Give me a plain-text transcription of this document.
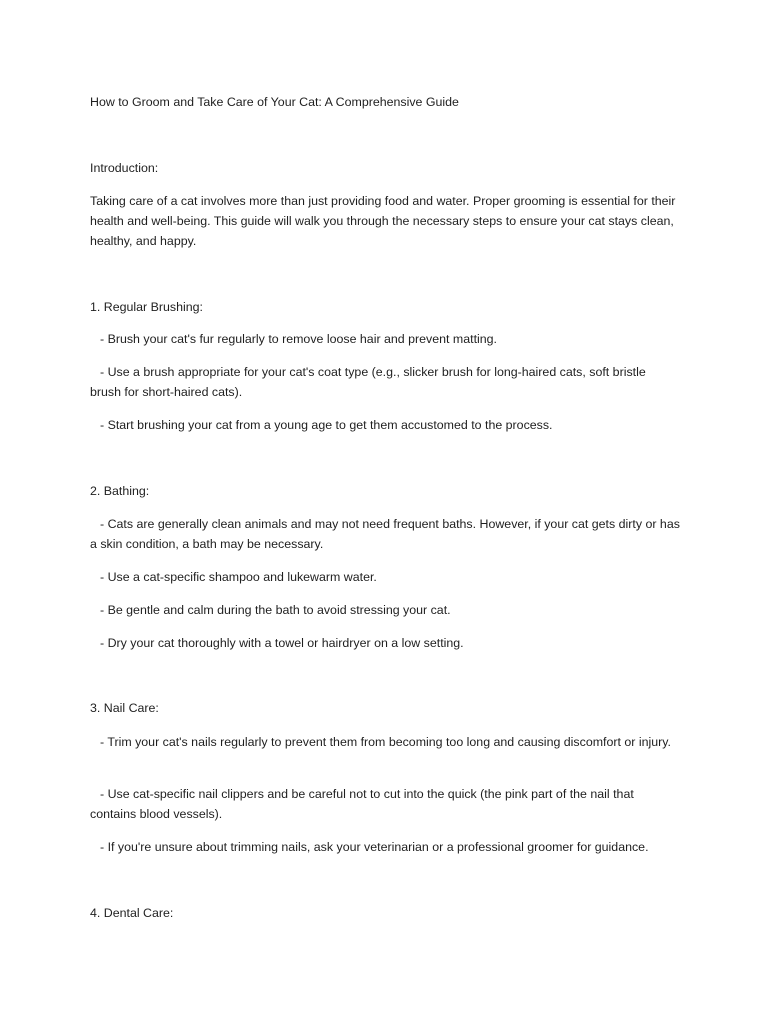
How to Groom and Take Care of Your Cat: A Comprehensive Guide

Introduction:

Taking care of a cat involves more than just providing food and water. Proper grooming is essential for their health and well-being. This guide will walk you through the necessary steps to ensure your cat stays clean, healthy, and happy.

1. Regular Brushing:

- Brush your cat's fur regularly to remove loose hair and prevent matting.

- Use a brush appropriate for your cat's coat type (e.g., slicker brush for long-haired cats, soft bristle brush for short-haired cats).

- Start brushing your cat from a young age to get them accustomed to the process.

2. Bathing:

- Cats are generally clean animals and may not need frequent baths. However, if your cat gets dirty or has a skin condition, a bath may be necessary.

- Use a cat-specific shampoo and lukewarm water.

- Be gentle and calm during the bath to avoid stressing your cat.

- Dry your cat thoroughly with a towel or hairdryer on a low setting.

3. Nail Care:

- Trim your cat's nails regularly to prevent them from becoming too long and causing discomfort or injury.

- Use cat-specific nail clippers and be careful not to cut into the quick (the pink part of the nail that contains blood vessels).

- If you're unsure about trimming nails, ask your veterinarian or a professional groomer for guidance.

4. Dental Care:
